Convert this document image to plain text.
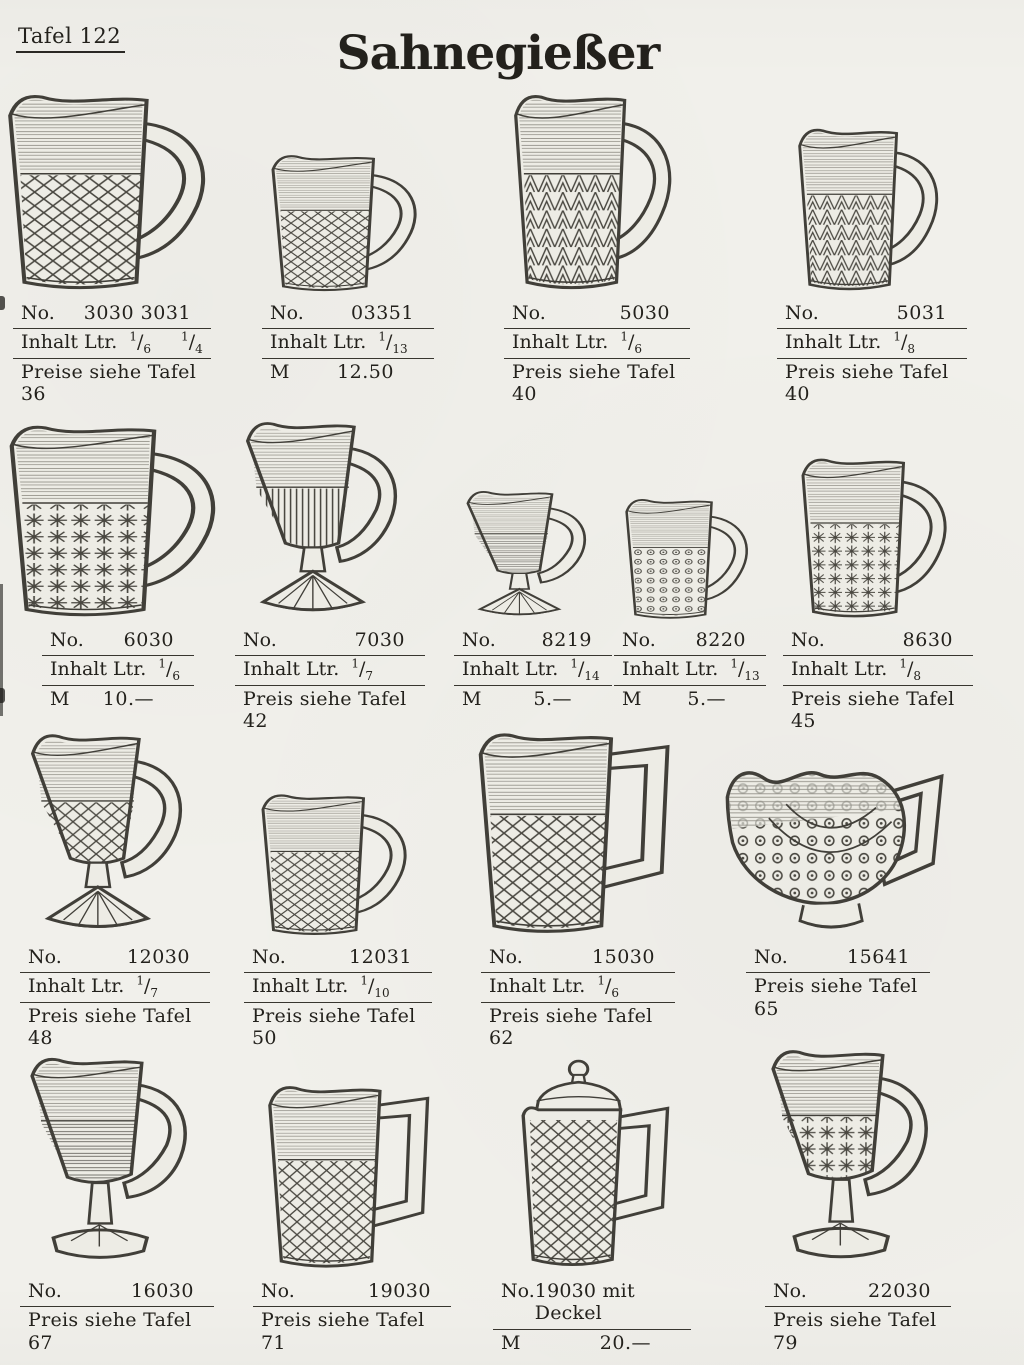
Tafel 122	Sahnegießer
No. 3030 3031
Inhalt Ltr. $^1/_6$
$^1/_4$
Preise siehe Tafel 36
No. 03351
Inhalt Ltr. $^1/_{13}$
M	12.50
No.	5030
Inhalt Ltr. $^1/_6$
Preis siehe Tafel 40
No.	5031
Inhalt Ltr. $^1/_8$
Preis siehe Tafel 40
No. 6030
Inhalt Ltr. $^1/_6$
M 10.—
No.	7030
Inhalt Ltr. $^1/_7$
Preis siehe Tafel 42
No. 8219
Inhalt Ltr. $^1/_{14}$
M	5.—
No. 8220
Inhalt Ltr. $^1/_{13}$
M 5.—
No.	8630
Inhalt Ltr. $^1/_8$
Preis siehe Tafel 45
No.	12030
Inhalt Ltr. $^1/_7$
Preis siehe Tafel 48
No.	12031
Inhalt Ltr. $^1/_{10}$
Preis siehe Tafel 50
No.	15030
Inhalt Ltr. $^1/_6$
Preis siehe Tafel 62
No.	15641
Preis siehe Tafel 65
No.	16030
Preis siehe Tafel 67
No.	19030
Preis siehe Tafel 71
No. 19030 mit Deckel
M	20.—
No.	22030
Preis siehe Tafel 79
